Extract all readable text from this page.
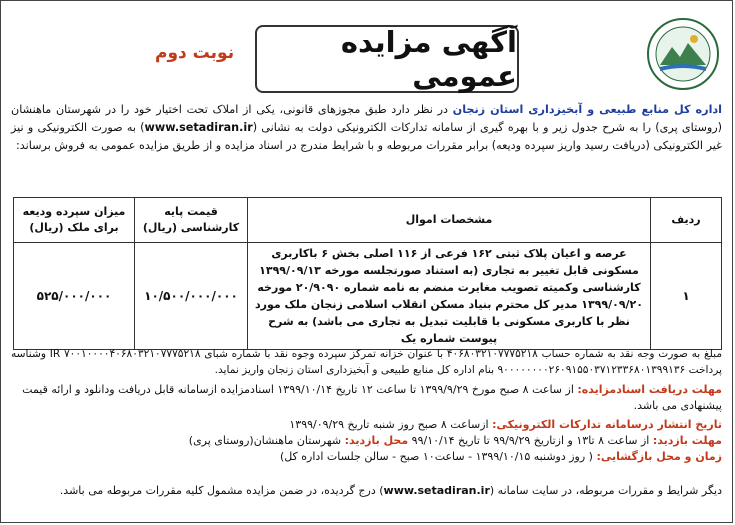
آگهی مزایده عمومی
نوبت دوم
اداره کل منابع طبیعی و آبخیزداری استان زنجان در نظر دارد طبق مجوزهای قانونی، یکی از املاک تحت اختیار خود را در شهرستان ماهنشان (روستای پری) را به شرح جدول زیر و با بهره گیری از سامانه تدارکات الکترونیکی دولت به نشانی (www.setadiran.ir) به صورت الکترونیکی و نیز غیر الکترونیکی (دریافت رسید واریز سپرده ودیعه) برابر مقررات مربوطه و با شرایط مندرج در اسناد مزایده و از طریق مزایده عمومی به فروش برساند:
ردیف	مشخصات اموال	قیمت پایه کارشناسی (ریال)	میزان سپرده ودیعه برای ملک (ریال)
۱	عرصه و اعیان پلاک ثبتی ۱۶۲ فرعی از ۱۱۶ اصلی بخش ۶ باکاربری مسکونی قابل تغییر به تجاری (به استناد صورتجلسه مورخه ۱۳۹۹/۰۹/۱۳ کارشناسی وکمیته تصویب مغایرت منضم به نامه شماره ۲۰/۹۰۹۰ مورخه ۱۳۹۹/۰۹/۲۰ مدیر کل محترم بنیاد مسکن انقلاب اسلامی زنجان ملک مورد نظر با کاربری مسکونی با قابلیت تبدیل به تجاری می باشد) به شرح پیوست شماره یک	۱۰/۵۰۰/۰۰۰/۰۰۰	۵۲۵/۰۰۰/۰۰۰
مبلغ به صورت وجه نقد به شماره حساب ۴۰۶۸۰۳۲۱۰۷۷۷۵۲۱۸ با عنوان خزانه تمرکز سپرده وجوه نقد با شماره شبای IR ۷۰۰۱۰۰۰۰۴۰۶۸۰۳۲۱۰۷۷۷۵۲۱۸ وشناسه پرداخت ۹۰۰۰۰۰۰۰۰۲۶۰۹۱۵۵۰۳۷۱۲۳۳۶۸۰۱۳۹۹۱۳۶ بنام اداره کل منابع طبیعی و آبخیزداری استان زنجان واریز نماید.
مهلت دریافت اسنادمزایده: از ساعت ۸ صبح مورخ ۱۳۹۹/۹/۲۹ تا ساعت ۱۲ تاریخ ۱۳۹۹/۱۰/۱۴ اسنادمزایده ازسامانه قابل دریافت ودانلود و ارائه قیمت پیشنهادی می باشد.
تاریخ انتشار درسامانه تدارکات الکترونیکی: ازساعت ۸ صبح روز شنبه تاریخ ۱۳۹۹/۰۹/۲۹
مهلت بازدید: از ساعت ۸ تا۱۳ و ازتاریخ ۹۹/۹/۲۹ تا تاریخ ۹۹/۱۰/۱۴ محل بازدید: شهرستان ماهنشان(روستای پری)
زمان و محل بازگشایی: ( روز دوشنبه ۱۳۹۹/۱۰/۱۵ - ساعت۱۰ صبح - سالن جلسات اداره کل)
دیگر شرایط و مقررات مربوطه، در سایت سامانه (www.setadiran.ir) درج گردیده، در ضمن مزایده مشمول کلیه مقررات مربوطه می باشد.
